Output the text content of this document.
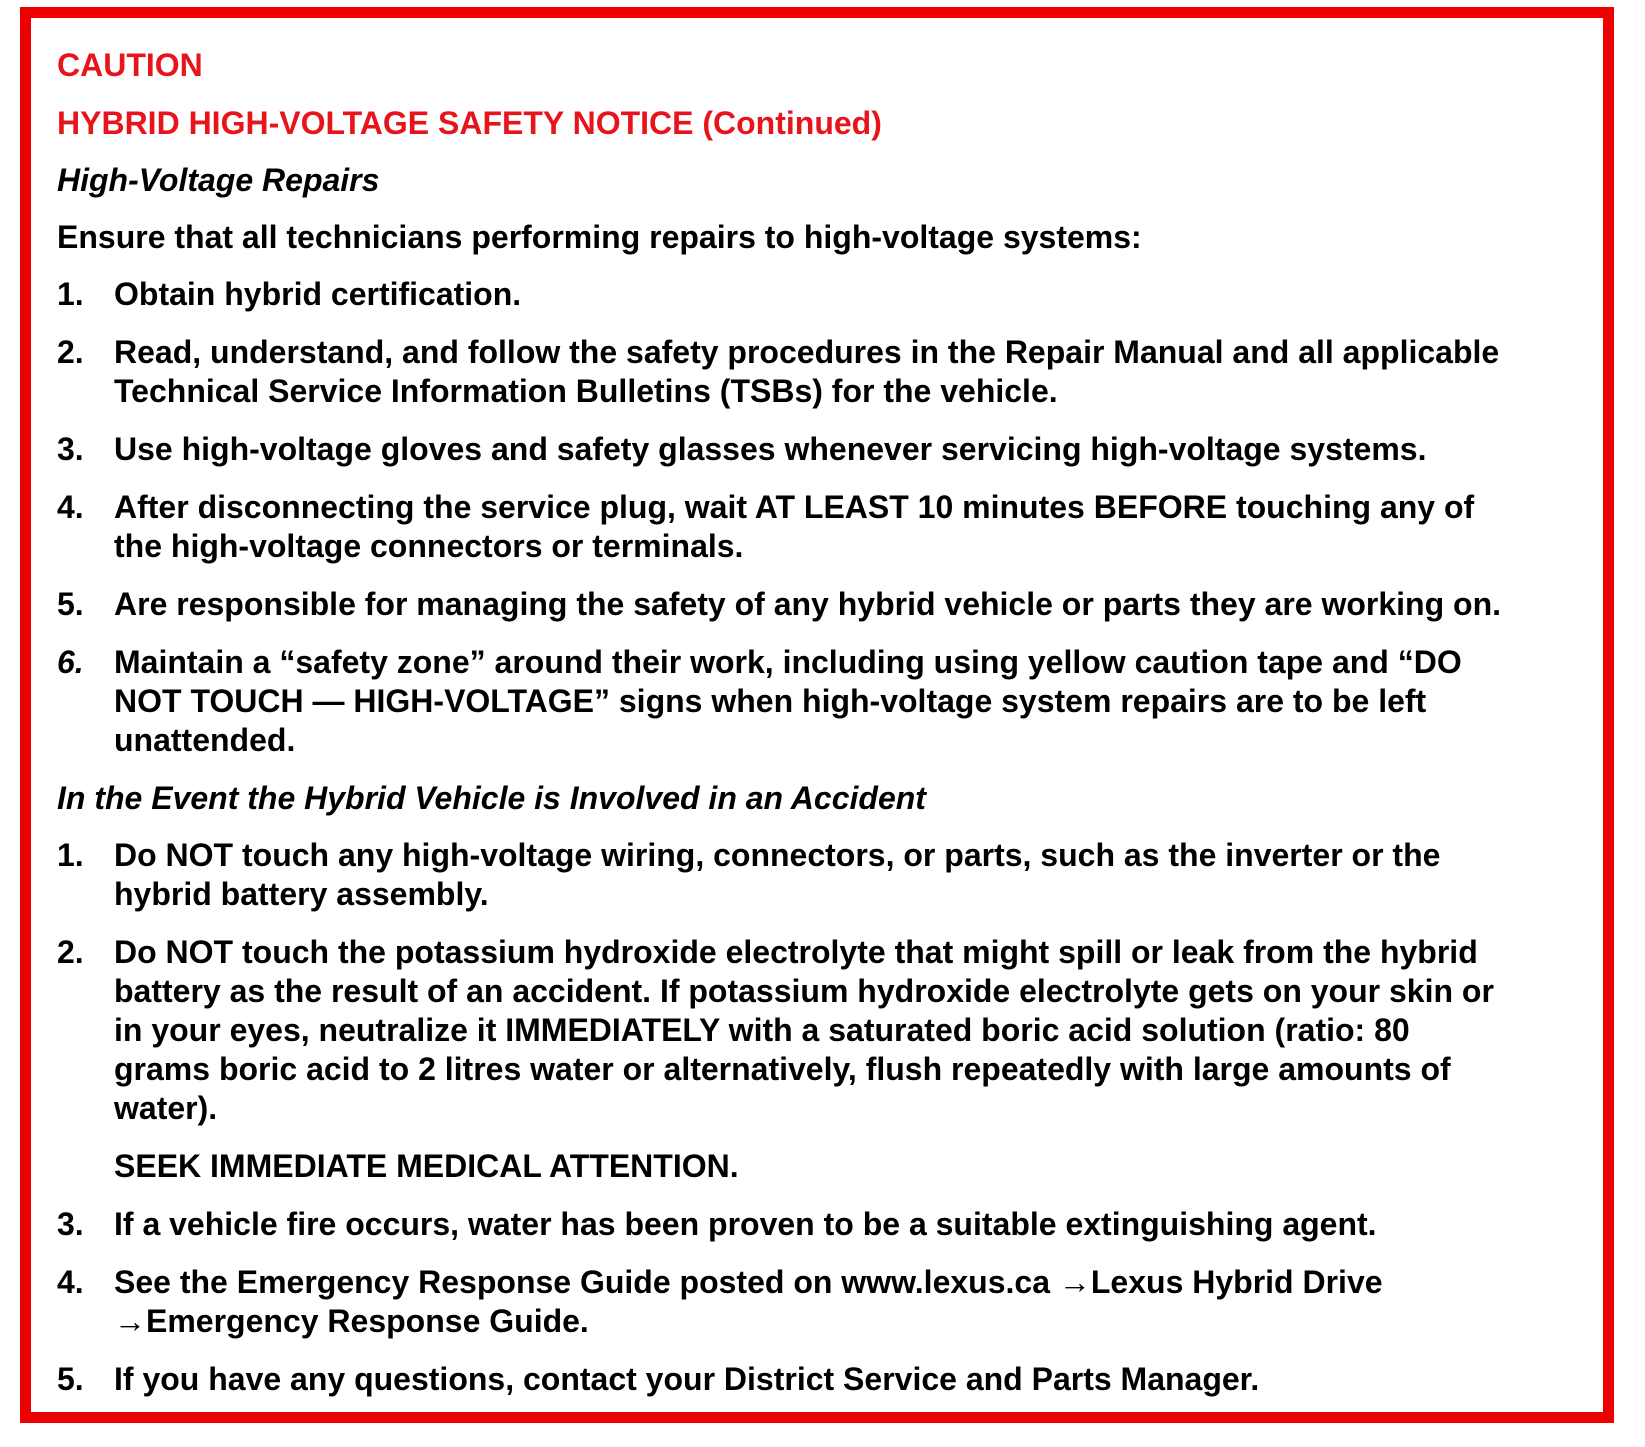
CAUTION

HYBRID HIGH-VOLTAGE SAFETY NOTICE (Continued)

High-Voltage Repairs

Ensure that all technicians performing repairs to high-voltage systems:

1. Obtain hybrid certification.
2. Read, understand, and follow the safety procedures in the Repair Manual and all applicable
Technical Service Information Bulletins (TSBs) for the vehicle.
3. Use high-voltage gloves and safety glasses whenever servicing high-voltage systems.
4. After disconnecting the service plug, wait AT LEAST 10 minutes BEFORE touching any of
the high-voltage connectors or terminals.
5. Are responsible for managing the safety of any hybrid vehicle or parts they are working on.
6. Maintain a “safety zone” around their work, including using yellow caution tape and “DO
NOT TOUCH — HIGH-VOLTAGE” signs when high-voltage system repairs are to be left
unattended.

In the Event the Hybrid Vehicle is Involved in an Accident

1. Do NOT touch any high-voltage wiring, connectors, or parts, such as the inverter or the
hybrid battery assembly.
2. Do NOT touch the potassium hydroxide electrolyte that might spill or leak from the hybrid
battery as the result of an accident. If potassium hydroxide electrolyte gets on your skin or
in your eyes, neutralize it IMMEDIATELY with a saturated boric acid solution (ratio: 80
grams boric acid to 2 litres water or alternatively, flush repeatedly with large amounts of
water).
SEEK IMMEDIATE MEDICAL ATTENTION.
3. If a vehicle fire occurs, water has been proven to be a suitable extinguishing agent.
4. See the Emergency Response Guide posted on www.lexus.ca →Lexus Hybrid Drive
→Emergency Response Guide.
5. If you have any questions, contact your District Service and Parts Manager.
